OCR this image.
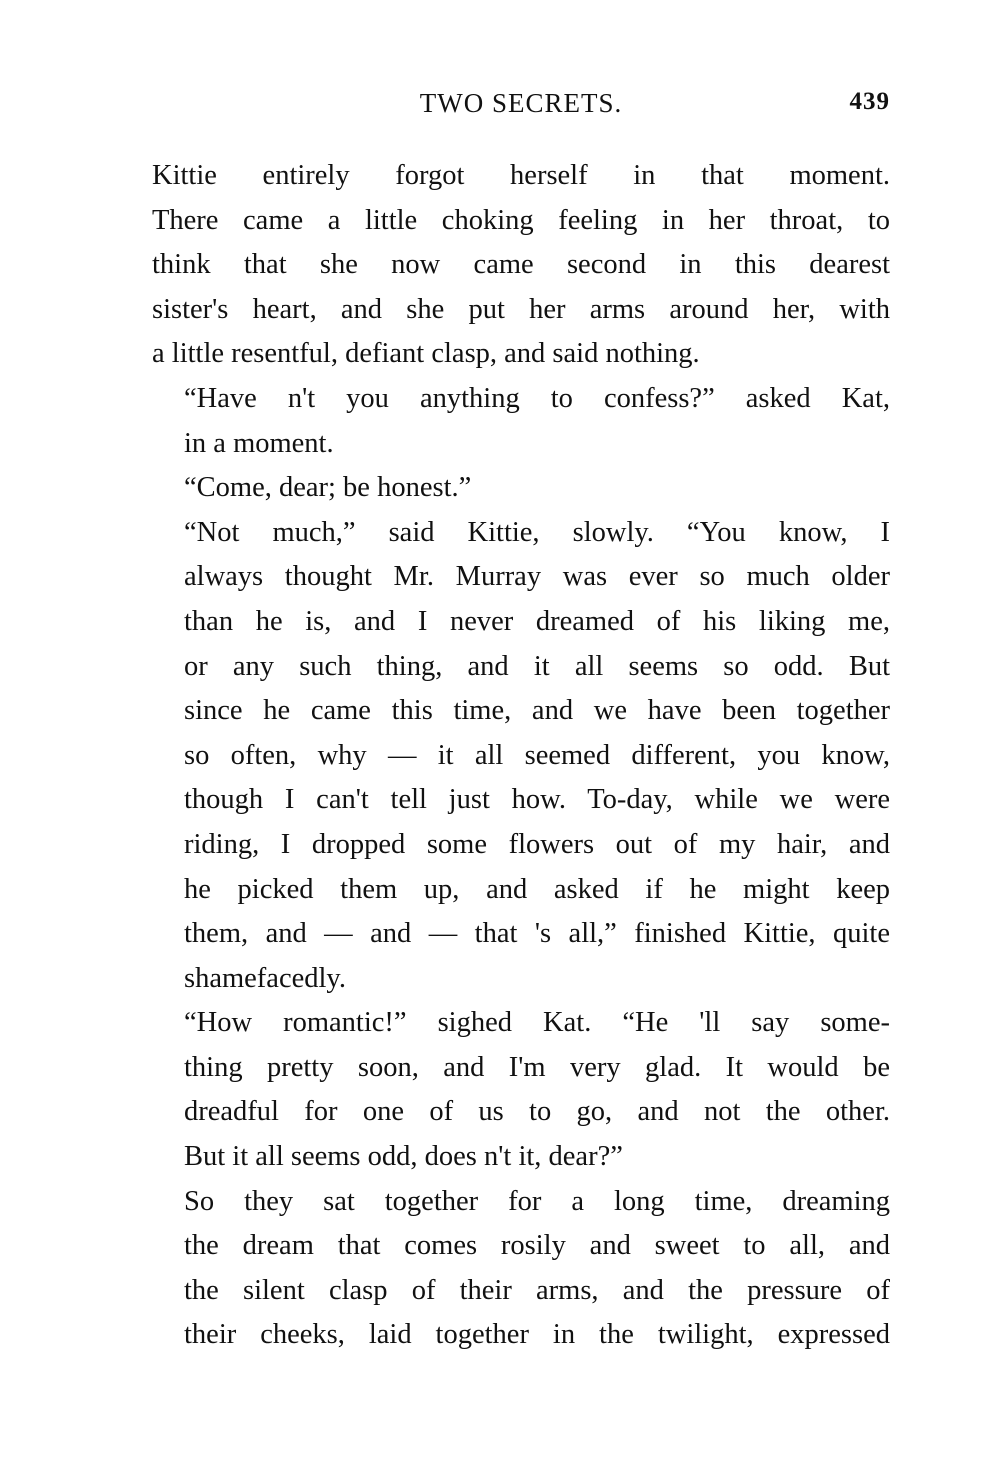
TWO SECRETS.	439

Kittie entirely forgot herself in that moment.
There came a little choking feeling in her throat, to
think that she now came second in this dearest
sister's heart, and she put her arms around her, with
a little resentful, defiant clasp, and said nothing.

“Have n't you anything to confess?” asked Kat,
in a moment.

“Come, dear; be honest.”

“Not much,” said Kittie, slowly. “You know, I
always thought Mr. Murray was ever so much older
than he is, and I never dreamed of his liking me,
or any such thing, and it all seems so odd. But
since he came this time, and we have been together
so often, why — it all seemed different, you know,
though I can't tell just how. To-day, while we were
riding, I dropped some flowers out of my hair, and
he picked them up, and asked if he might keep
them, and — and — that 's all,” finished Kittie, quite
shamefacedly.

“How romantic!” sighed Kat. “He 'll say some-
thing pretty soon, and I'm very glad. It would be
dreadful for one of us to go, and not the other.
But it all seems odd, does n't it, dear?”

So they sat together for a long time, dreaming
the dream that comes rosily and sweet to all, and
the silent clasp of their arms, and the pressure of
their cheeks, laid together in the twilight, expressed
